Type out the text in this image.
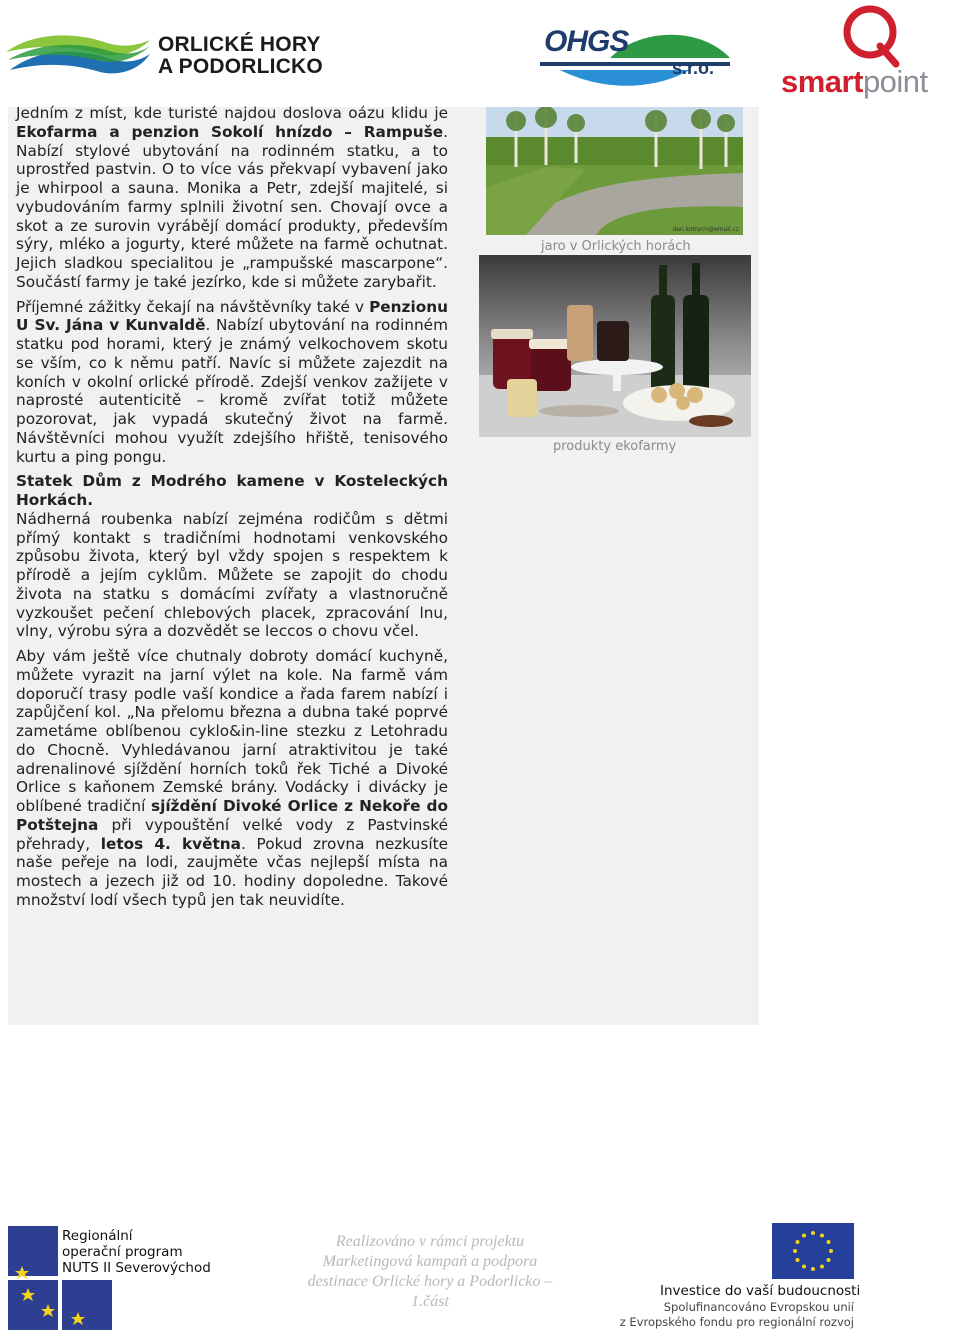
ORLICKÉ HORY
A PODORLICKO
OHGS
s.r.o. smartpoint

Jedním z míst, kde turisté najdou doslova oázu klidu je Ekofarma a penzion Sokolí hnízdo – Rampuše. Nabízí stylové ubytování na rodinném statku, a to uprostřed pastvin. O to více vás překvapí vybavení jako je whirpool a sauna. Monika a Petr, zdejší majitelé, si vybudováním farmy splnili životní sen. Chovají ovce a skot a ze surovin vyrábějí domácí produkty, především sýry, mléko a jogurty, které můžete na farmě ochutnat. Jejich sladkou specialitou je „rampušské mascarpone“. Součástí farmy je také jezírko, kde si můžete zarybařit.

Příjemné zážitky čekají na návštěvníky také v Penzionu U Sv. Jána v Kunvaldě. Nabízí ubytování na rodinném statku pod horami, který je známý velkochovem skotu se vším, co k němu patří. Navíc si můžete zajezdit na koních v okolní orlické přírodě. Zdejší venkov zažijete v naprosté autenticitě – kromě zvířat totiž můžete pozorovat, jak vypadá skutečný život na farmě. Návštěvníci mohou využít zdejšího hřiště, tenisového kurtu a ping pongu.

Statek Dům z Modrého kamene v Kosteleckých Horkách.
Nádherná roubenka nabízí zejména rodičům s dětmi přímý kontakt s tradičními hodnotami venkovského způsobu života, který byl vždy spojen s respektem k přírodě a jejím cyklům. Můžete se zapojit do chodu života na statku s domácími zvířaty a vlastnoručně vyzkoušet pečení chlebových placek, zpracování lnu, vlny, výrobu sýra a dozvědět se leccos o chovu včel.

Aby vám ještě více chutnaly dobroty domácí kuchyně, můžete vyrazit na jarní výlet na kole. Na farmě vám doporučí trasy podle vaší kondice a řada farem nabízí i zapůjčení kol. „Na přelomu března a dubna také poprvé zametáme oblíbenou cyklo&in-line stezku z Letohradu do Chocně. Vyhledávanou jarní atraktivitou je také adrenalinové sjíždění horních toků řek Tiché a Divoké Orlice s kaňonem Zemské brány. Vodácky i divácky je oblíbené tradiční sjíždění Divoké Orlice z Nekoře do Potštejna při vypouštění velké vody z Pastvinské přehrady, letos 4. května. Pokud zrovna nezkusíte naše peřeje na lodi, zaujměte včas nejlepší místa na mostech a jezech již od 10. hodiny dopoledne. Takové množství lodí všech typů jen tak neuvidíte.

dan.kotrych@email.cz
jaro v Orlických horách
produkty ekofarmy
Regionální
operační program
NUTS II Severovýchod
Realizováno v rámci projektu
Marketingová kampaň a podpora
destinace Orlické hory a Podorlicko –
1.část
Investice do vaší budoucnosti
Spolufinancováno Evropskou unií
z Evropského fondu pro regionální rozvoj
